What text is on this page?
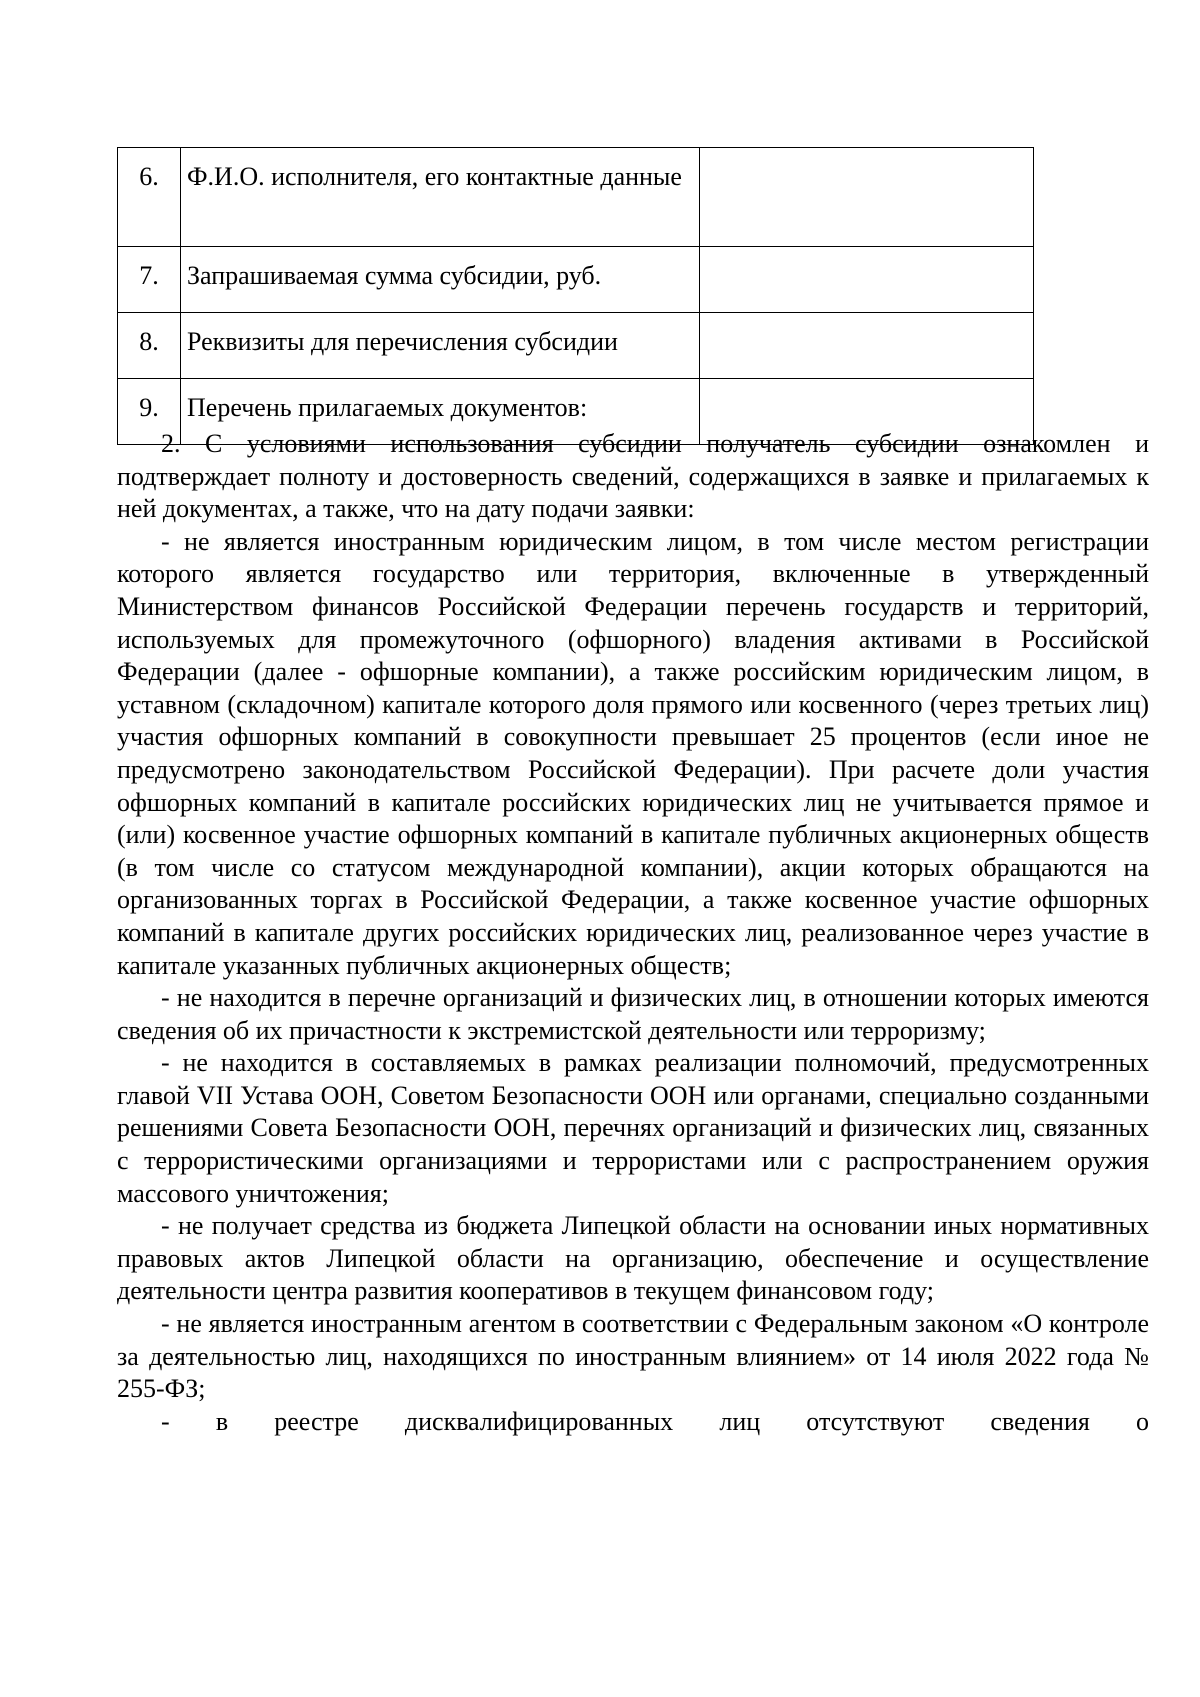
6.	Ф.И.О. исполнителя, его контактные данные	
7.	Запрашиваемая сумма субсидии, руб.	
8.	Реквизиты для перечисления субсидии	
9.	Перечень прилагаемых документов:	

2. С условиями использования субсидии получатель субсидии ознакомлен и подтверждает полноту и достоверность сведений, содержащихся в заявке и прилагаемых к ней документах, а также, что на дату подачи заявки:

- не является иностранным юридическим лицом, в том числе местом регистрации которого является государство или территория, включенные в утвержденный Министерством финансов Российской Федерации перечень государств и территорий, используемых для промежуточного (офшорного) владения активами в Российской Федерации (далее - офшорные компании), а также российским юридическим лицом, в уставном (складочном) капитале которого доля прямого или косвенного (через третьих лиц) участия офшорных компаний в совокупности превышает 25 процентов (если иное не предусмотрено законодательством Российской Федерации). При расчете доли участия офшорных компаний в капитале российских юридических лиц не учитывается прямое и (или) косвенное участие офшорных компаний в капитале публичных акционерных обществ (в том числе со статусом международной компании), акции которых обращаются на организованных торгах в Российской Федерации, а также косвенное участие офшорных компаний в капитале других российских юридических лиц, реализованное через участие в капитале указанных публичных акционерных обществ;

- не находится в перечне организаций и физических лиц, в отношении которых имеются сведения об их причастности к экстремистской деятельности или терроризму;

- не находится в составляемых в рамках реализации полномочий, предусмотренных главой VII Устава ООН, Советом Безопасности ООН или органами, специально созданными решениями Совета Безопасности ООН, перечнях организаций и физических лиц, связанных с террористическими организациями и террористами или с распространением оружия массового уничтожения;

- не получает средства из бюджета Липецкой области на основании иных нормативных правовых актов Липецкой области на организацию, обеспечение и осуществление деятельности центра развития кооперативов в текущем финансовом году;

- не является иностранным агентом в соответствии с Федеральным законом «О контроле за деятельностью лиц, находящихся по иностранным влиянием» от 14 июля 2022 года № 255-ФЗ;

- в реестре дисквалифицированных лиц отсутствуют сведения о
